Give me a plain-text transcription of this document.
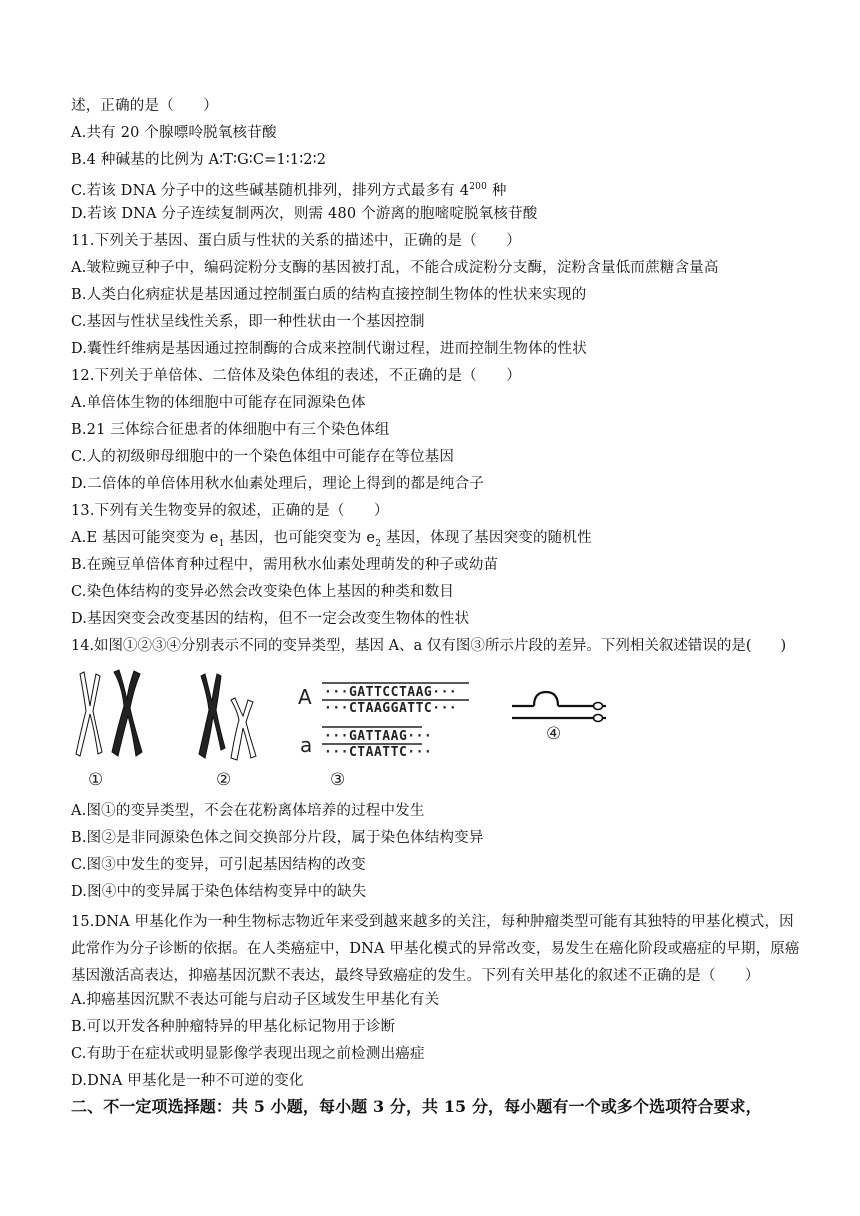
述，正确的是（　　）
A.共有 20 个腺嘌呤脱氧核苷酸
B.4 种碱基的比例为 A∶T∶G∶C=1∶1∶2∶2
C.若该 DNA 分子中的这些碱基随机排列，排列方式最多有 $4^{200}$ 种
D.若该 DNA 分子连续复制两次，则需 480 个游离的胞嘧啶脱氧核苷酸
11.下列关于基因、蛋白质与性状的关系的描述中，正确的是（　　）
A.皱粒豌豆种子中，编码淀粉分支酶的基因被打乱，不能合成淀粉分支酶，淀粉含量低而蔗糖含量高
B.人类白化病症状是基因通过控制蛋白质的结构直接控制生物体的性状来实现的
C.基因与性状呈线性关系，即一种性状由一个基因控制
D.囊性纤维病是基因通过控制酶的合成来控制代谢过程，进而控制生物体的性状
12.下列关于单倍体、二倍体及染色体组的表述，不正确的是（　　）
A.单倍体生物的体细胞中可能存在同源染色体
B.21 三体综合征患者的体细胞中有三个染色体组
C.人的初级卵母细胞中的一个染色体组中可能存在等位基因
D.二倍体的单倍体用秋水仙素处理后，理论上得到的都是纯合子
13.下列有关生物变异的叙述，正确的是（　　）
A.E 基因可能突变为 $e_1$ 基因，也可能突变为 $e_2$ 基因，体现了基因突变的随机性
B.在豌豆单倍体育种过程中，需用秋水仙素处理萌发的种子或幼苗
C.染色体结构的变异必然会改变染色体上基因的种类和数目
D.基因突变会改变基因的结构，但不一定会改变生物体的性状
14.如图①②③④分别表示不同的变异类型，基因 A、a 仅有图③所示片段的差异。下列相关叙述错误的是(　　)
①	②
A ···GATTCCTAAG···
···CTAAGGATTC···
a ···GATTAAG···
···CTAATTC···
③
④
A.图①的变异类型，不会在花粉离体培养的过程中发生
B.图②是非同源染色体之间交换部分片段，属于染色体结构变异
C.图③中发生的变异，可引起基因结构的改变
D.图④中的变异属于染色体结构变异中的缺失
15.DNA 甲基化作为一种生物标志物近年来受到越来越多的关注，每种肿瘤类型可能有其独特的甲基化模式，因此常作为分子诊断的依据。在人类癌症中，DNA 甲基化模式的异常改变，易发生在癌化阶段或癌症的早期，原癌基因激活高表达，抑癌基因沉默不表达，最终导致癌症的发生。下列有关甲基化的叙述不正确的是（　　）
A.抑癌基因沉默不表达可能与启动子区域发生甲基化有关
B.可以开发各种肿瘤特异的甲基化标记物用于诊断
C.有助于在症状或明显影像学表现出现之前检测出癌症
D.DNA 甲基化是一种不可逆的变化
二、不一定项选择题：共 5 小题，每小题 3 分，共 15 分，每小题有一个或多个选项符合要求，
